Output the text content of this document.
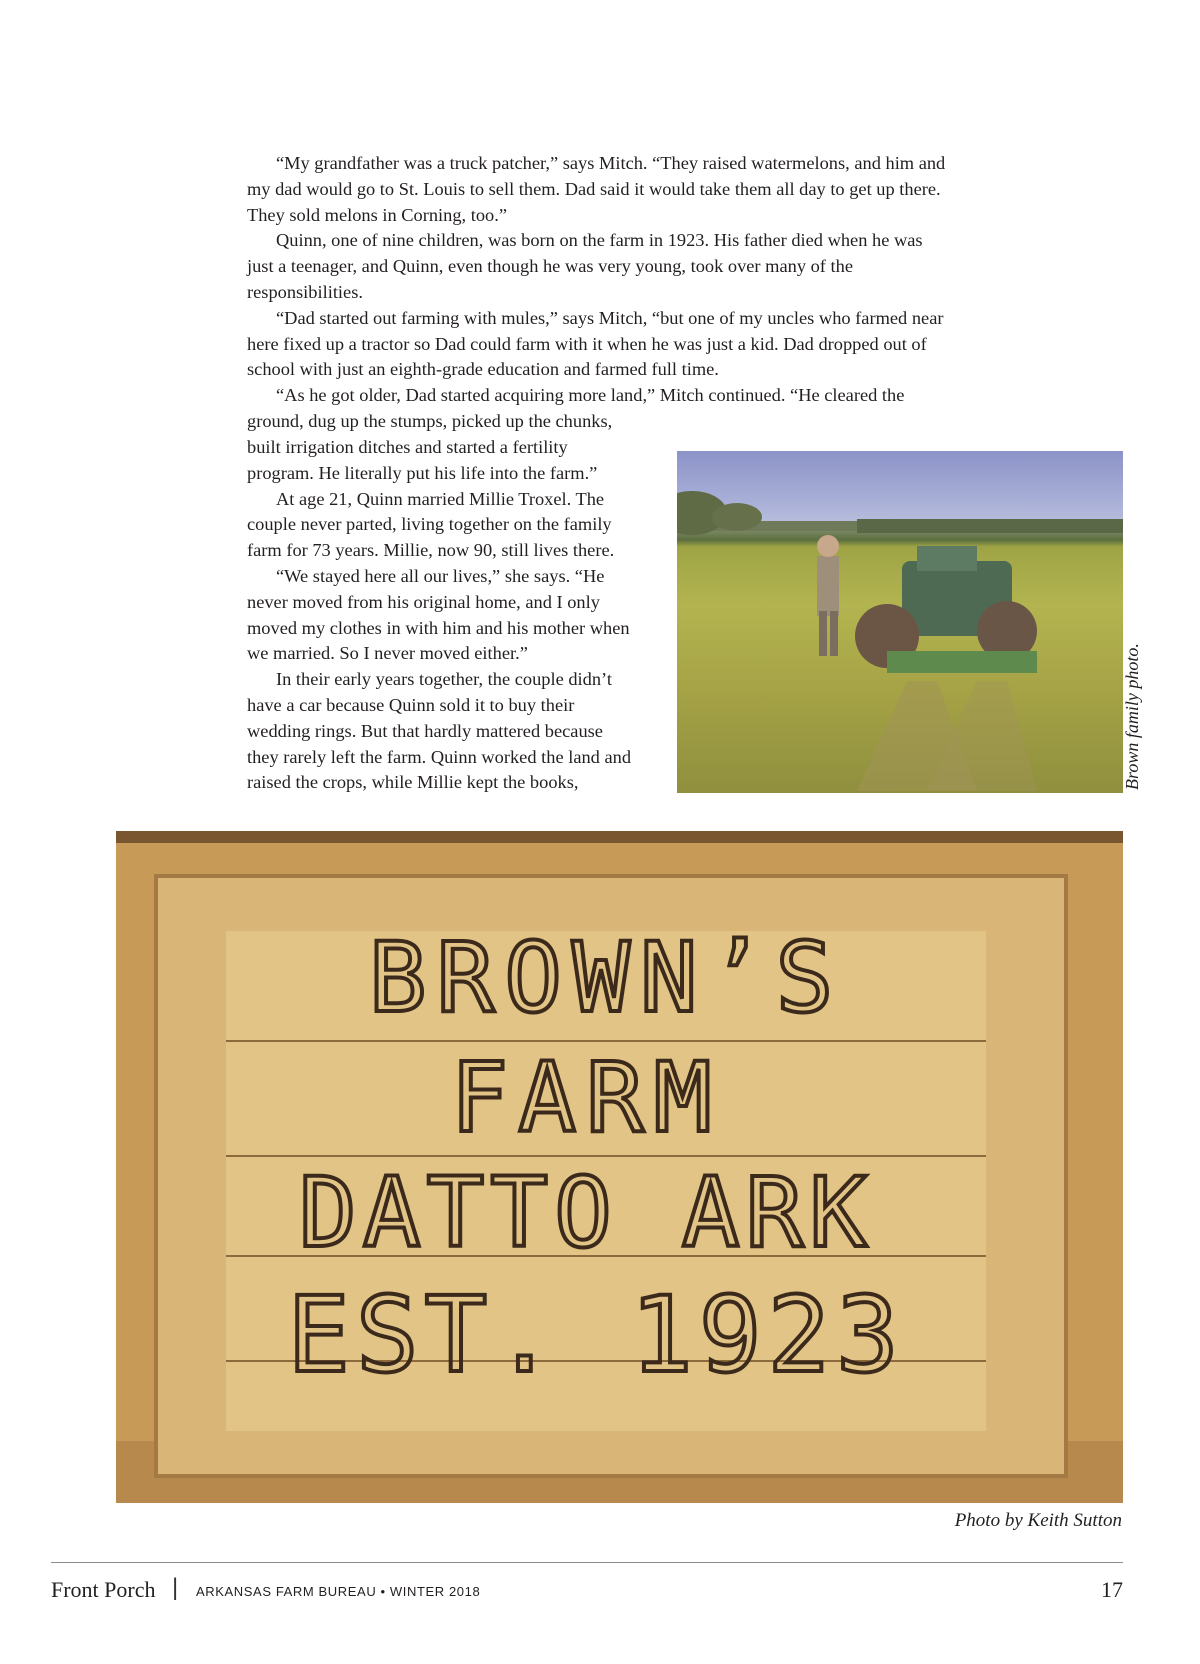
“My grandfather was a truck patcher,” says Mitch. “They raised watermelons, and him and my dad would go to St. Louis to sell them. Dad said it would take them all day to get up there. They sold melons in Corning, too.”

Quinn, one of nine children, was born on the farm in 1923. His father died when he was just a teenager, and Quinn, even though he was very young, took over many of the responsibilities.

“Dad started out farming with mules,” says Mitch, “but one of my uncles who farmed near here fixed up a tractor so Dad could farm with it when he was just a kid. Dad dropped out of school with just an eighth-grade education and farmed full time.

“As he got older, Dad started acquiring more land,” Mitch continued. “He cleared the ground, dug up the stumps, picked up the chunks,

built irrigation ditches and started a fertility program. He literally put his life into the farm.”

At age 21, Quinn married Millie Troxel. The couple never parted, living together on the family farm for 73 years. Millie, now 90, still lives there.

“We stayed here all our lives,” she says. “He never moved from his original home, and I only moved my clothes in with him and his mother when we married. So I never moved either.”

In their early years together, the couple didn’t have a car because Quinn sold it to buy their wedding rings. But that hardly mattered because they rarely left the farm. Quinn worked the land and raised the crops, while Millie kept the books,	Brown family photo.
BROWN’S
FARM
DATTO ARK
EST. 1923
Photo by Keith Sutton
Front Porch | ARKANSAS FARM BUREAU • WINTER 2018	17
